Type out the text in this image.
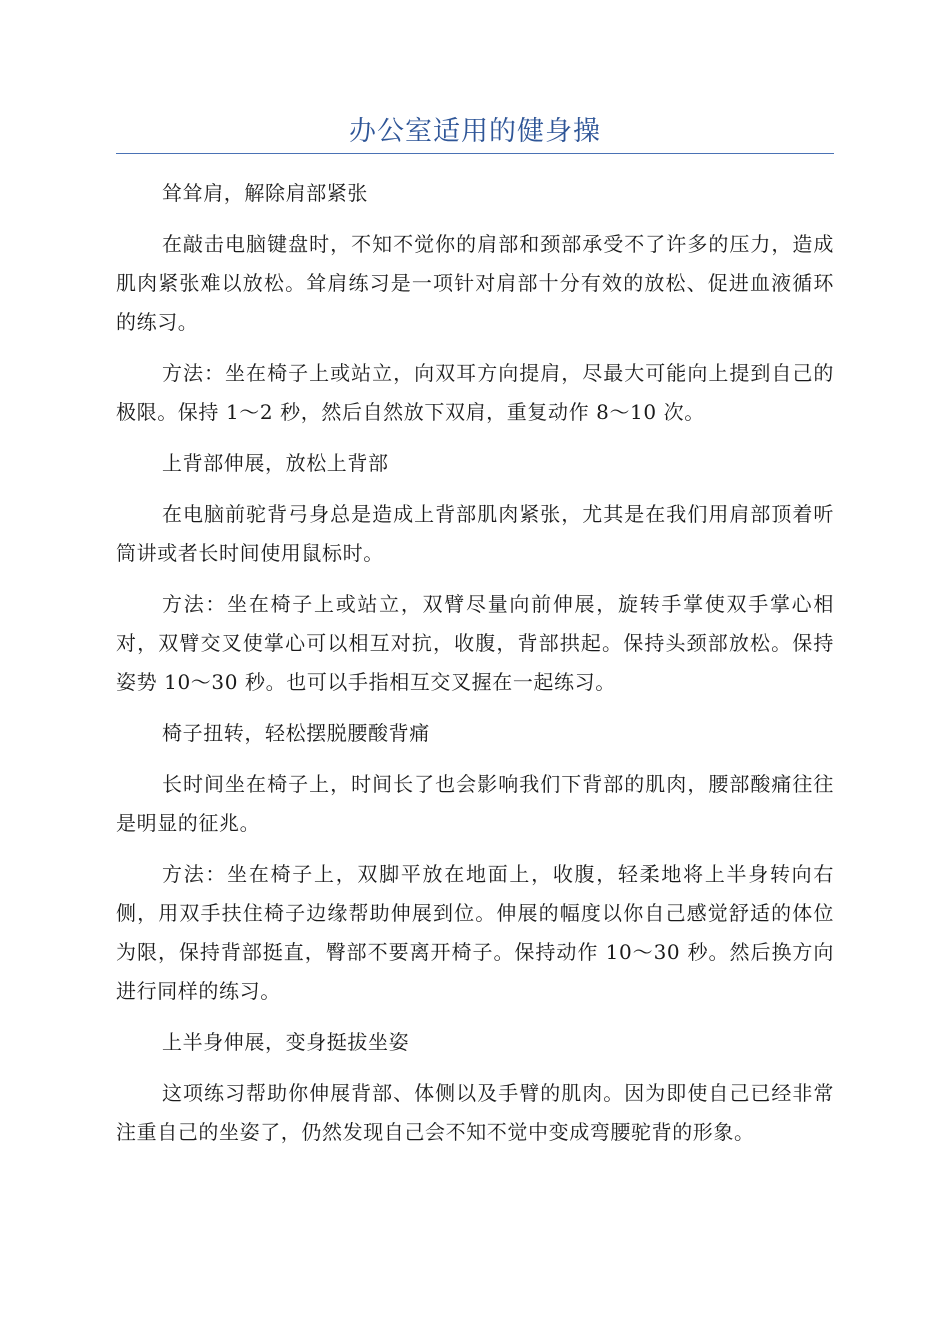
办公室适用的健身操

耸耸肩，解除肩部紧张

在敲击电脑键盘时，不知不觉你的肩部和颈部承受不了许多的压力，造成肌肉紧张难以放松。耸肩练习是一项针对肩部十分有效的放松、促进血液循环的练习。

方法：坐在椅子上或站立，向双耳方向提肩，尽最大可能向上提到自己的极限。保持 1～2 秒，然后自然放下双肩，重复动作 8～10 次。

上背部伸展，放松上背部

在电脑前驼背弓身总是造成上背部肌肉紧张，尤其是在我们用肩部顶着听筒讲或者长时间使用鼠标时。

方法：坐在椅子上或站立，双臂尽量向前伸展，旋转手掌使双手掌心相对，双臂交叉使掌心可以相互对抗，收腹，背部拱起。保持头颈部放松。保持姿势 10～30 秒。也可以手指相互交叉握在一起练习。

椅子扭转，轻松摆脱腰酸背痛

长时间坐在椅子上，时间长了也会影响我们下背部的肌肉，腰部酸痛往往是明显的征兆。

方法：坐在椅子上，双脚平放在地面上，收腹，轻柔地将上半身转向右侧，用双手扶住椅子边缘帮助伸展到位。伸展的幅度以你自己感觉舒适的体位为限，保持背部挺直，臀部不要离开椅子。保持动作 10～30 秒。然后换方向进行同样的练习。

上半身伸展，变身挺拔坐姿

这项练习帮助你伸展背部、体侧以及手臂的肌肉。因为即使自己已经非常注重自己的坐姿了，仍然发现自己会不知不觉中变成弯腰驼背的形象。
